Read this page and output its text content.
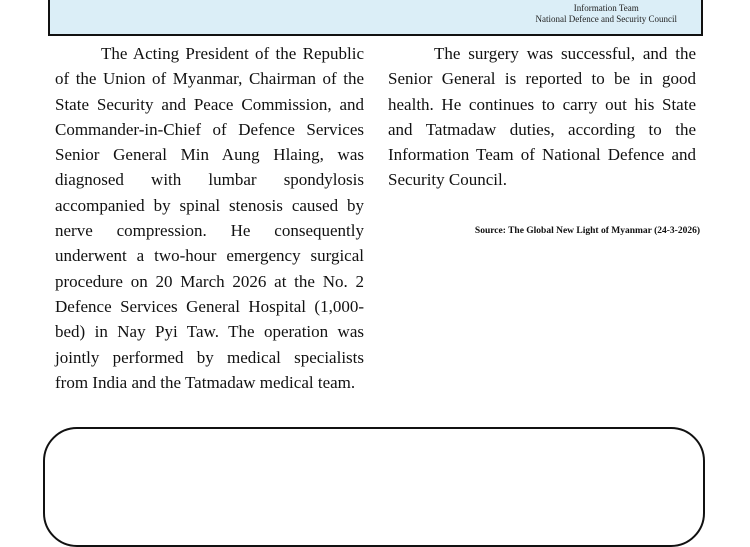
Information Team
National Defence and Security Council

The Acting President of the Republic of the Union of Myanmar, Chairman of the State Security and Peace Commission, and Commander-in-Chief of Defence Services Senior General Min Aung Hlaing, was diagnosed with lumbar spondylosis accompanied by spinal stenosis caused by nerve compression. He consequently underwent a two-hour emergency surgical procedure on 20 March 2026 at the No. 2 Defence Services General Hospital (1,000-bed) in Nay Pyi Taw. The operation was jointly performed by medical specialists from India and the Tatmadaw medical team.

The surgery was successful, and the Senior General is reported to be in good health. He continues to carry out his State and Tatmadaw duties, according to the Information Team of National Defence and Security Council.

Source: The Global New Light of Myanmar (24-3-2026)
